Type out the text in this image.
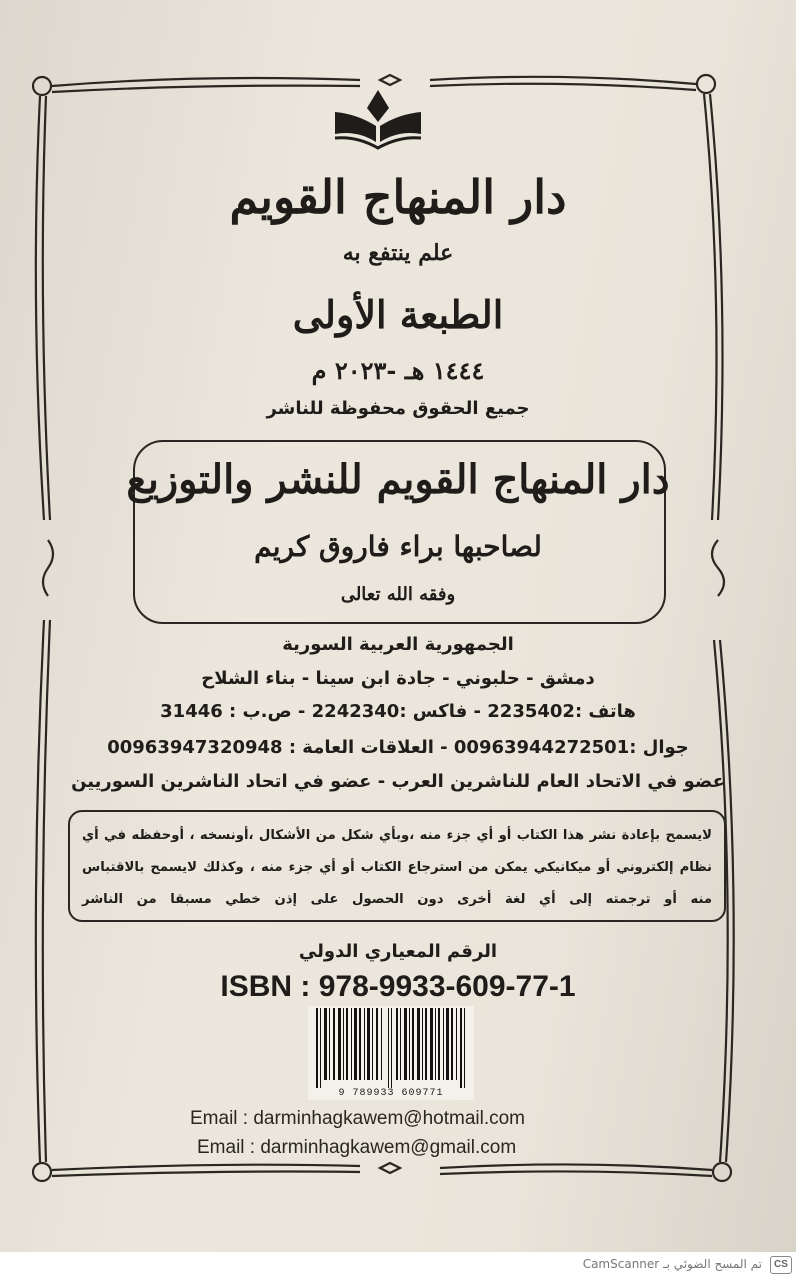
دار المنهاج القويم
علم ينتفع به
الطبعة الأولى
١٤٤٤ هـ -٢٠٢٣ م
جميع الحقوق محفوظة للناشر
دار المنهاج القويم للنشر والتوزيع
لصاحبها براء فاروق كريم
وفقه الله تعالى
الجمهورية العربية السورية
دمشق - حلبوني - جادة ابن سينا - بناء الشلاح
هاتف :2235402 - فاكس :2242340 - ص.ب : 31446
جوال :00963944272501 - العلاقات العامة : 00963947320948
عضو في الاتحاد العام للناشرين العرب - عضو في اتحاد الناشرين السوريين
لايسمح بإعادة نشر هذا الكتاب أو أي جزء منه ،وبأي شكل من الأشكال ،أونسخه ، أوحفظه في أي نظام إلكتروني أو ميكانيكي يمكن من استرجاع الكتاب أو أي جزء منه ، وكذلك لايسمح بالاقتباس منه أو ترجمته إلى أي لغة أخرى دون الحصول على إذن خطي مسبقا من الناشر
الرقم المعياري الدولي
ISBN : 978-9933-609-77-1
9 789933 609771
Email : darminhagkawem@hotmail.com
Email : darminhagkawem@gmail.com
تم المسح الضوئي بـ CamScanner	CS
